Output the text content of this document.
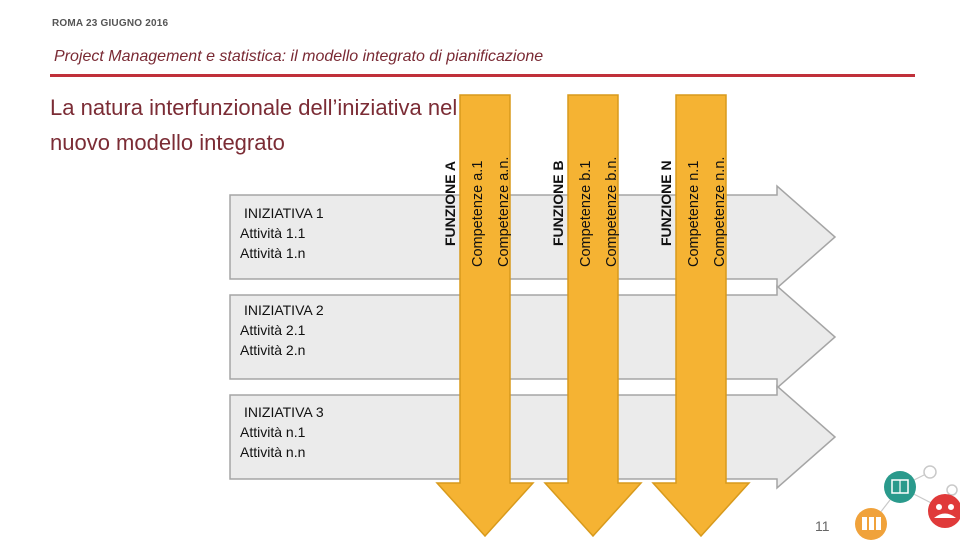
ROMA 23 GIUGNO 2016
Project Management e statistica: il modello integrato di pianificazione
La natura interfunzionale dell’iniziativa nel
nuovo modello integrato
FUNZIONE A Competenze a.1 Competenze a.n.	FUNZIONE B Competenze b.1 Competenze b.n.	FUNZIONE N Competenze n.1 Competenze n.n.
INIZIATIVA 1
Attività 1.1
Attività 1.n
INIZIATIVA 2
Attività 2.1
Attività 2.n
INIZIATIVA 3
Attività n.1
Attività n.n
11
